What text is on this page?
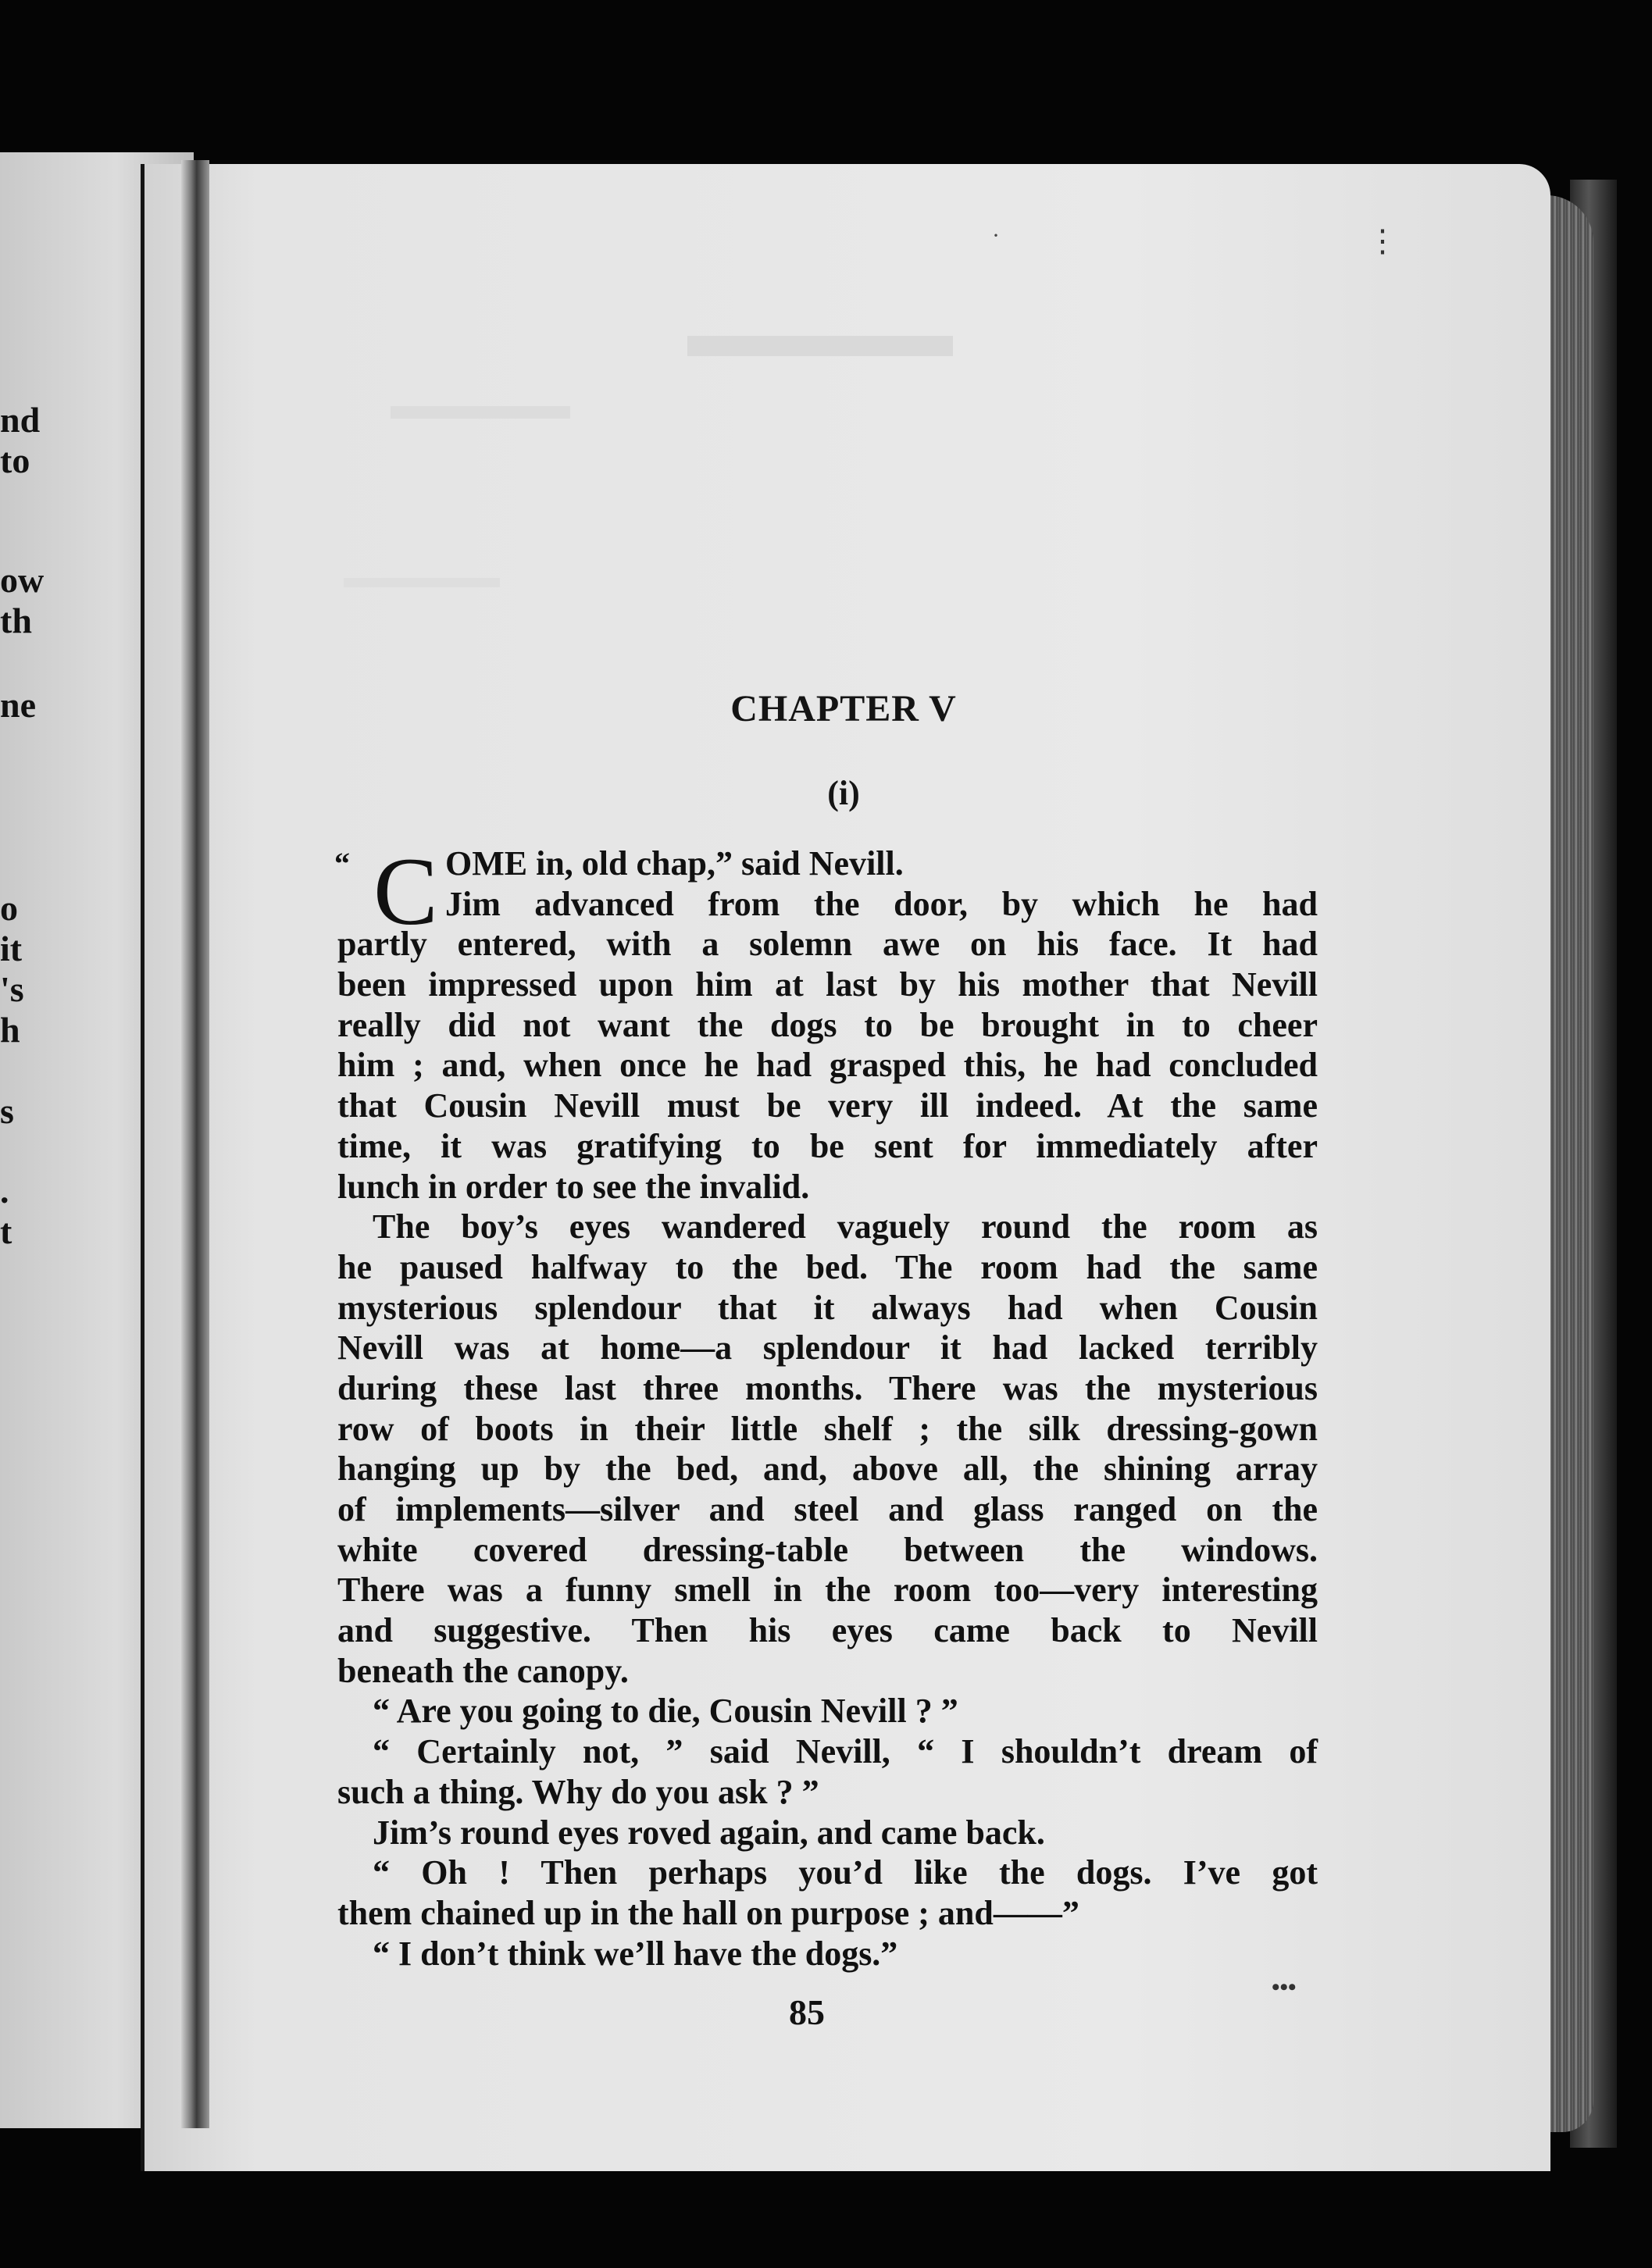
nd
to
ow
th
ne
o
it
's
h
s
.
t
⋮
·
CHAPTER V
(i)
“ C OME in, old chap,” said Nevill.
Jim advanced from the door, by which he had
partly entered, with a solemn awe on his face. It had
been impressed upon him at last by his mother that Nevill
really did not want the dogs to be brought in to cheer
him ; and, when once he had grasped this, he had concluded
that Cousin Nevill must be very ill indeed. At the same
time, it was gratifying to be sent for immediately after
lunch in order to see the invalid.
The boy’s eyes wandered vaguely round the room as
he paused halfway to the bed. The room had the same
mysterious splendour that it always had when Cousin
Nevill was at home—a splendour it had lacked terribly
during these last three months. There was the mysterious
row of boots in their little shelf ; the silk dressing-gown
hanging up by the bed, and, above all, the shining array
of implements—silver and steel and glass ranged on the
white covered dressing-table between the windows.
There was a funny smell in the room too—very interesting
and suggestive. Then his eyes came back to Nevill
beneath the canopy.
“ Are you going to die, Cousin Nevill ? ”
“ Certainly not, ” said Nevill, “ I shouldn’t dream of
such a thing. Why do you ask ? ”
Jim’s round eyes roved again, and came back.
“ Oh ! Then perhaps you’d like the dogs. I’ve got
them chained up in the hall on purpose ; and——”
“ I don’t think we’ll have the dogs.”
•••
85
